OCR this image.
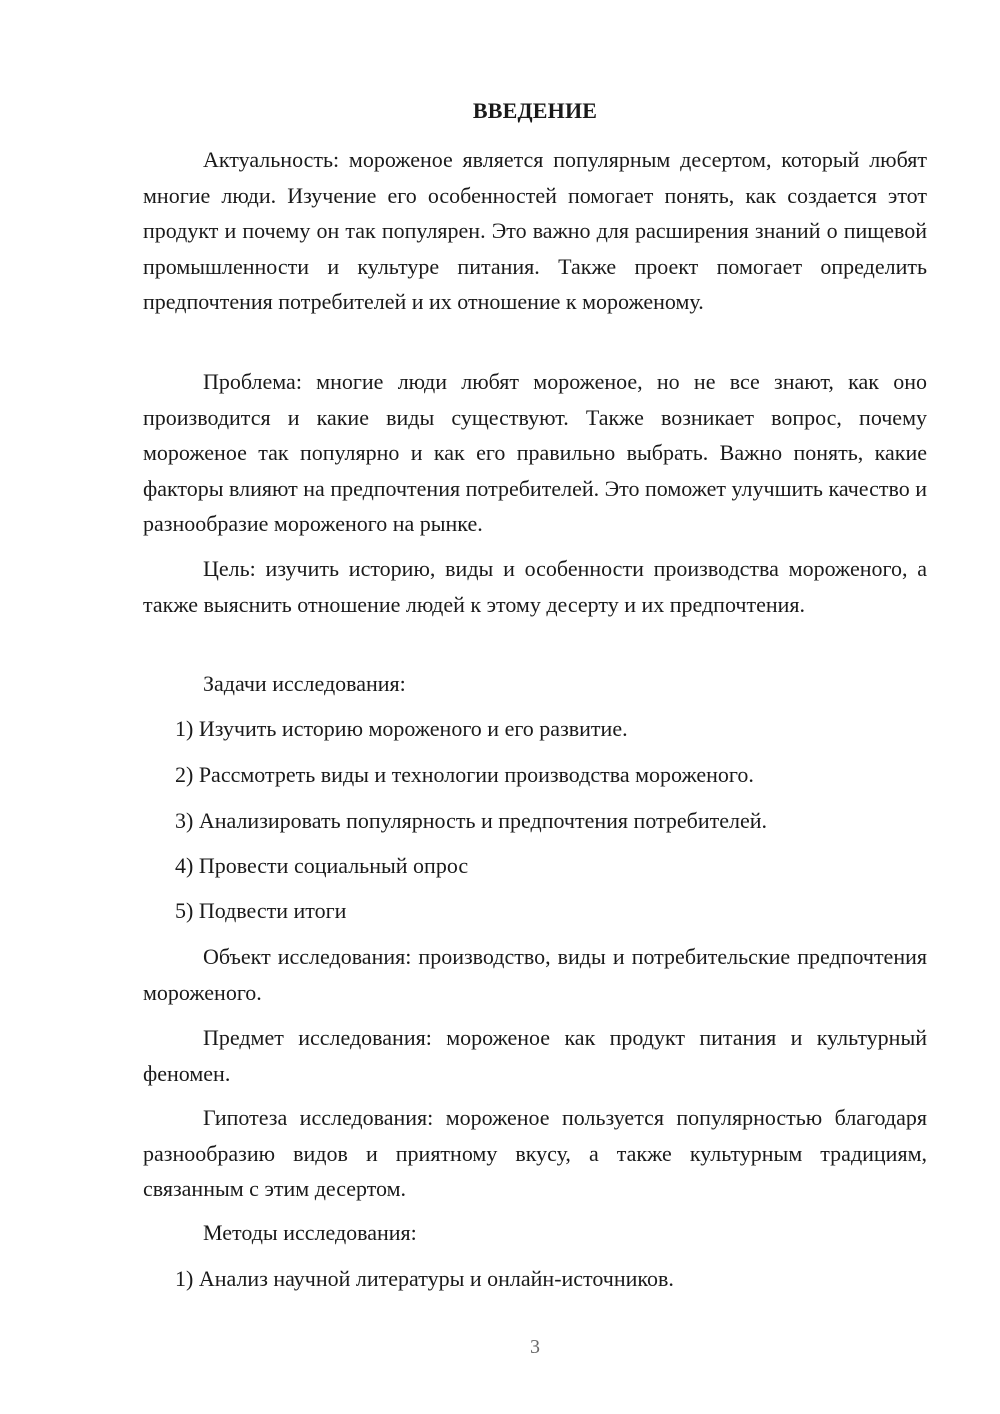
ВВЕДЕНИЕ

Актуальность: мороженое является популярным десертом, который любят многие люди. Изучение его особенностей помогает понять, как создается этот продукт и почему он так популярен. Это важно для расширения знаний о пищевой промышленности и культуре питания. Также проект помогает определить предпочтения потребителей и их отношение к мороженому.

Проблема: многие люди любят мороженое, но не все знают, как оно производится и какие виды существуют. Также возникает вопрос, почему мороженое так популярно и как его правильно выбрать. Важно понять, какие факторы влияют на предпочтения потребителей. Это поможет улучшить качество и разнообразие мороженого на рынке.

Цель: изучить историю, виды и особенности производства мороженого, а также выяснить отношение людей к этому десерту и их предпочтения.

Задачи исследования:
1) Изучить историю мороженого и его развитие.
2) Рассмотреть виды и технологии производства мороженого.
3) Анализировать популярность и предпочтения потребителей.
4) Провести социальный опрос
5) Подвести итоги

Объект исследования: производство, виды и потребительские предпочтения мороженого.

Предмет исследования: мороженое как продукт питания и культурный феномен.

Гипотеза исследования: мороженое пользуется популярностью благодаря разнообразию видов и приятному вкусу, а также культурным традициям, связанным с этим десертом.

Методы исследования:
1) Анализ научной литературы и онлайн-источников.
3
